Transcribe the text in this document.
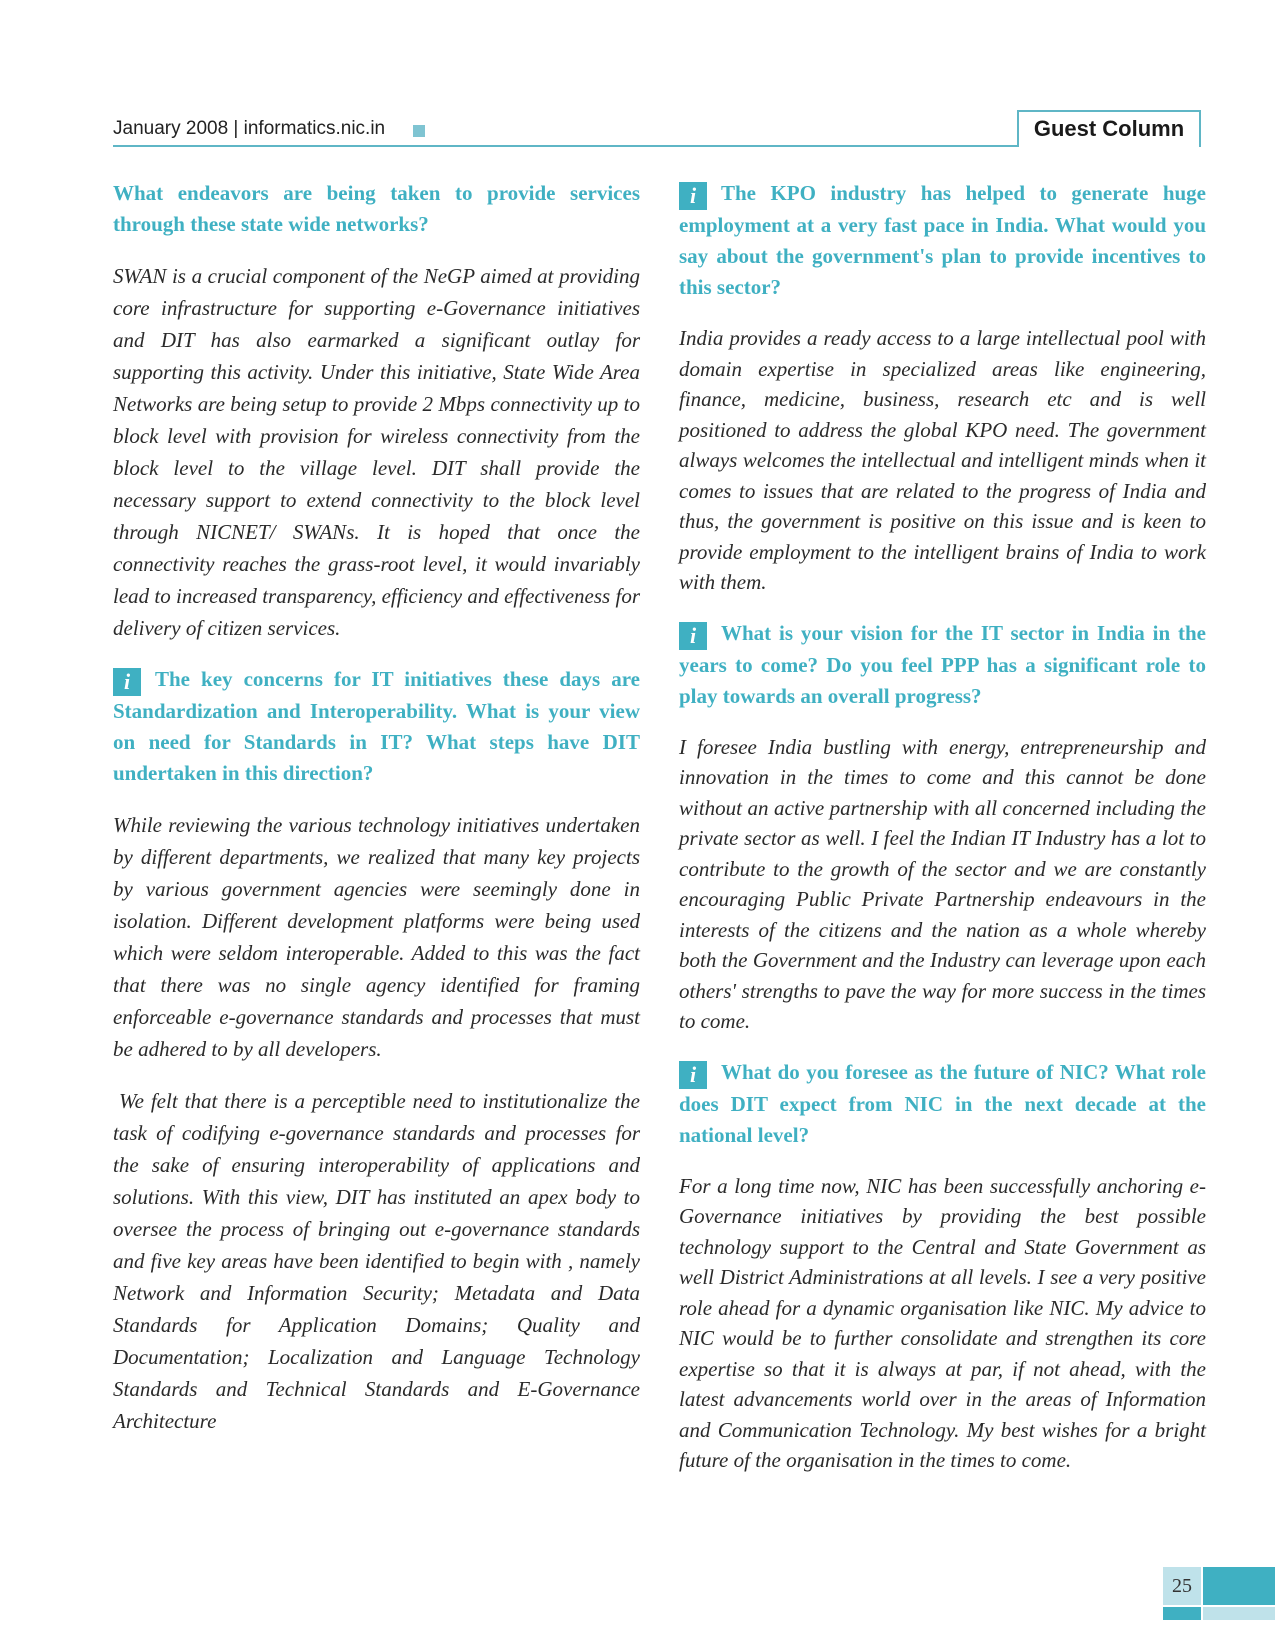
January 2008 | informatics.nic.in	Guest Column

What endeavors are being taken to provide services through these state wide networks?

SWAN is a crucial component of the NeGP aimed at providing core infrastructure for supporting e-Governance initiatives and DIT has also earmarked a significant outlay for supporting this activity. Under this initiative, State Wide Area Networks are being setup to provide 2 Mbps connectivity up to block level with provision for wireless connectivity from the block level to the village level. DIT shall provide the necessary support to extend connectivity to the block level through NICNET/ SWANs. It is hoped that once the connectivity reaches the grass-root level, it would invariably lead to increased transparency, efficiency and effectiveness for delivery of citizen services.

i The key concerns for IT initiatives these days are Standardization and Interoperability. What is your view on need for Standards in IT? What steps have DIT undertaken in this direction?

While reviewing the various technology initiatives undertaken by different departments, we realized that many key projects by various government agencies were seemingly done in isolation. Different development platforms were being used which were seldom interoperable. Added to this was the fact that there was no single agency identified for framing enforceable e-governance standards and processes that must be adhered to by all developers.

We felt that there is a perceptible need to institutionalize the task of codifying e-governance standards and processes for the sake of ensuring interoperability of applications and solutions. With this view, DIT has instituted an apex body to oversee the process of bringing out e-governance standards and five key areas have been identified to begin with , namely Network and Information Security; Metadata and Data Standards for Application Domains; Quality and Documentation; Localization and Language Technology Standards and Technical Standards and E-Governance Architecture

i The KPO industry has helped to generate huge employment at a very fast pace in India. What would you say about the government's plan to provide incentives to this sector?

India provides a ready access to a large intellectual pool with domain expertise in specialized areas like engineering, finance, medicine, business, research etc and is well positioned to address the global KPO need. The government always welcomes the intellectual and intelligent minds when it comes to issues that are related to the progress of India and thus, the government is positive on this issue and is keen to provide employment to the intelligent brains of India to work with them.

i What is your vision for the IT sector in India in the years to come? Do you feel PPP has a significant role to play towards an overall progress?

I foresee India bustling with energy, entrepreneurship and innovation in the times to come and this cannot be done without an active partnership with all concerned including the private sector as well. I feel the Indian IT Industry has a lot to contribute to the growth of the sector and we are constantly encouraging Public Private Partnership endeavours in the interests of the citizens and the nation as a whole whereby both the Government and the Industry can leverage upon each others' strengths to pave the way for more success in the times to come.

i What do you foresee as the future of NIC? What role does DIT expect from NIC in the next decade at the national level?

For a long time now, NIC has been successfully anchoring e-Governance initiatives by providing the best possible technology support to the Central and State Government as well District Administrations at all levels. I see a very positive role ahead for a dynamic organisation like NIC. My advice to NIC would be to further consolidate and strengthen its core expertise so that it is always at par, if not ahead, with the latest advancements world over in the areas of Information and Communication Technology. My best wishes for a bright future of the organisation in the times to come.

25
